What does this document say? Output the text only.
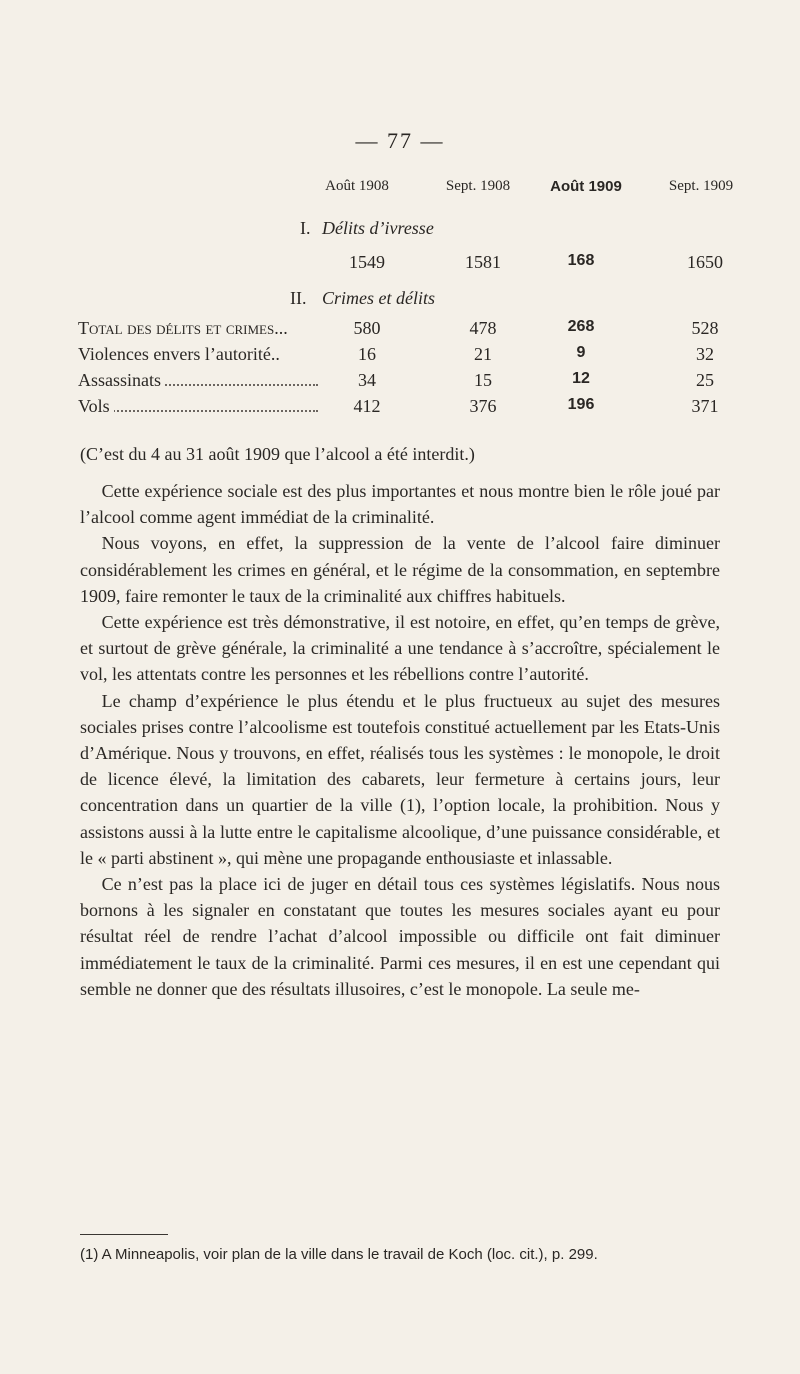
— 77 —
Août 1908	Sept. 1908	Août 1909	Sept. 1909
I. Délits d’ivresse
1549	1581	168	1650
II. Crimes et délits
Total des délits et crimes...	580	478	268	528
Violences envers l’autorité..	16	21	9	32
Assassinats	34	15	12	25
Vols	412	376	196	371
(C’est du 4 au 31 août 1909 que l’alcool a été interdit.)

Cette expérience sociale est des plus importantes et nous montre bien le rôle joué par l’alcool comme agent immédiat de la criminalité.

Nous voyons, en effet, la suppression de la vente de l’alcool faire diminuer considérablement les crimes en général, et le régime de la consommation, en septembre 1909, faire remonter le taux de la criminalité aux chiffres habituels.

Cette expérience est très démonstrative, il est notoire, en effet, qu’en temps de grève, et surtout de grève générale, la criminalité a une tendance à s’accroître, spécialement le vol, les attentats contre les personnes et les rébellions contre l’autorité.

Le champ d’expérience le plus étendu et le plus fructueux au sujet des mesures sociales prises contre l’alcoolisme est toutefois constitué actuellement par les Etats-Unis d’Amérique. Nous y trouvons, en effet, réalisés tous les systèmes : le monopole, le droit de licence élevé, la limitation des cabarets, leur fermeture à certains jours, leur concentration dans un quartier de la ville (1), l’option locale, la prohibition. Nous y assistons aussi à la lutte entre le capitalisme alcoolique, d’une puissance considérable, et le « parti abstinent », qui mène une propagande enthousiaste et inlassable.

Ce n’est pas la place ici de juger en détail tous ces systèmes législatifs. Nous nous bornons à les signaler en constatant que toutes les mesures sociales ayant eu pour résultat réel de rendre l’achat d’alcool impossible ou difficile ont fait diminuer immédiatement le taux de la criminalité. Parmi ces mesures, il en est une cependant qui semble ne donner que des résultats illusoires, c’est le monopole. La seule me-

(1) A Minneapolis, voir plan de la ville dans le travail de Koch (loc. cit.), p. 299.
